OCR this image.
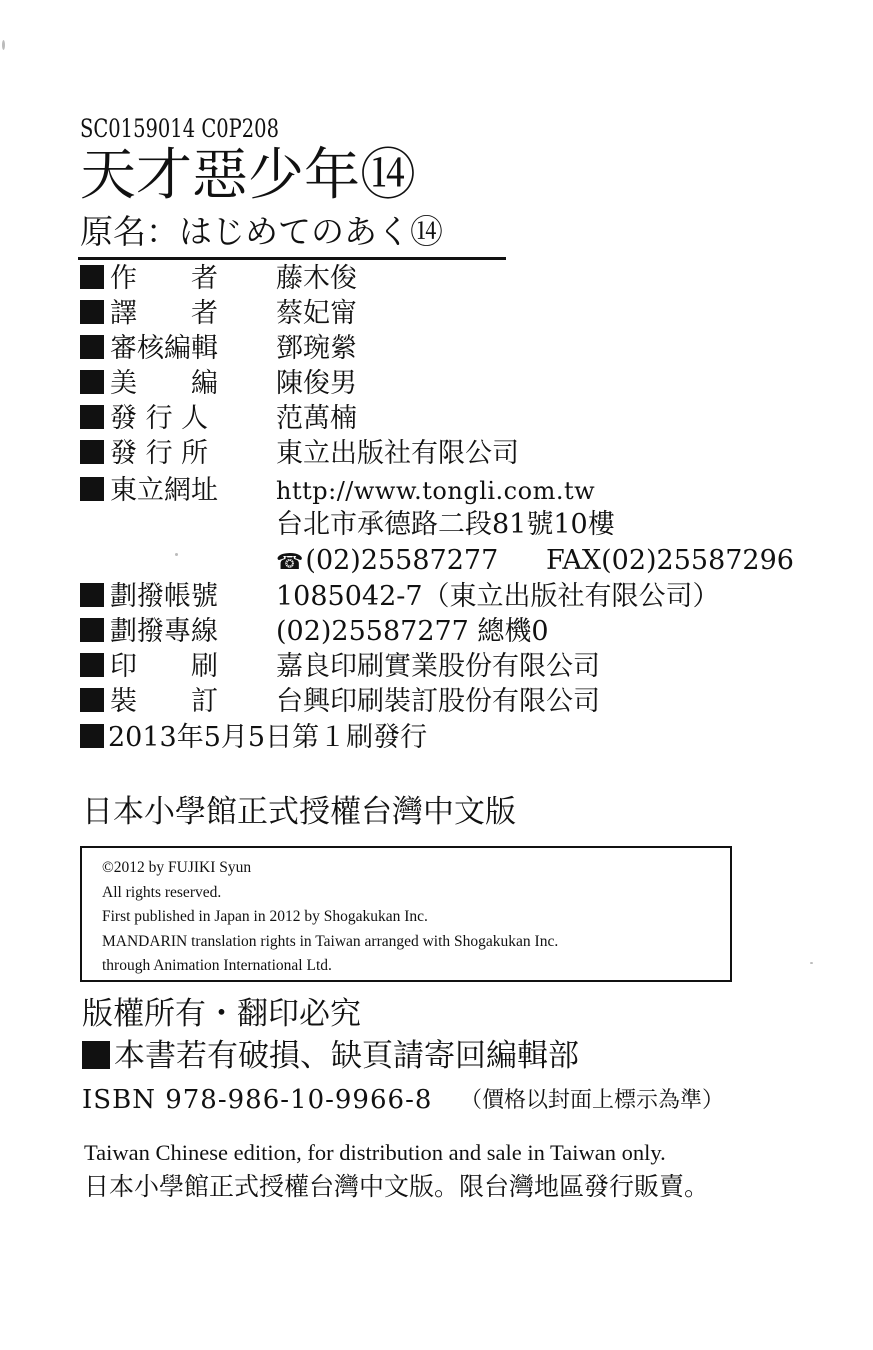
SC0159014 C0P208
天才惡少年⑭
原名：はじめてのあく⑭
作　　者 藤木俊
譯　　者 蔡妃甯
審核編輯 鄧琬縈
美　　編 陳俊男
發 行 人	范萬楠
發 行 所	東立出版社有限公司
東立網址 http://www.tongli.com.tw
台北市承德路二段81號10樓
☎(02)25587277 FAX(02)25587296
劃撥帳號 1085042-7（東立出版社有限公司）
劃撥專線 (02)25587277 總機0
印　　刷 嘉良印刷實業股份有限公司
裝　　訂 台興印刷裝訂股份有限公司
2013年5月5日第１刷發行
日本小學館正式授權台灣中文版
©2012 by FUJIKI Syun
All rights reserved.
First published in Japan in 2012 by Shogakukan Inc.
MANDARIN translation rights in Taiwan arranged with Shogakukan Inc.
through Animation International Ltd.
版權所有・翻印必究
本書若有破損、缺頁請寄回編輯部
ISBN 978-986-10-9966-8 （價格以封面上標示為準）
Taiwan Chinese edition, for distribution and sale in Taiwan only.
日本小學館正式授權台灣中文版。限台灣地區發行販賣。
